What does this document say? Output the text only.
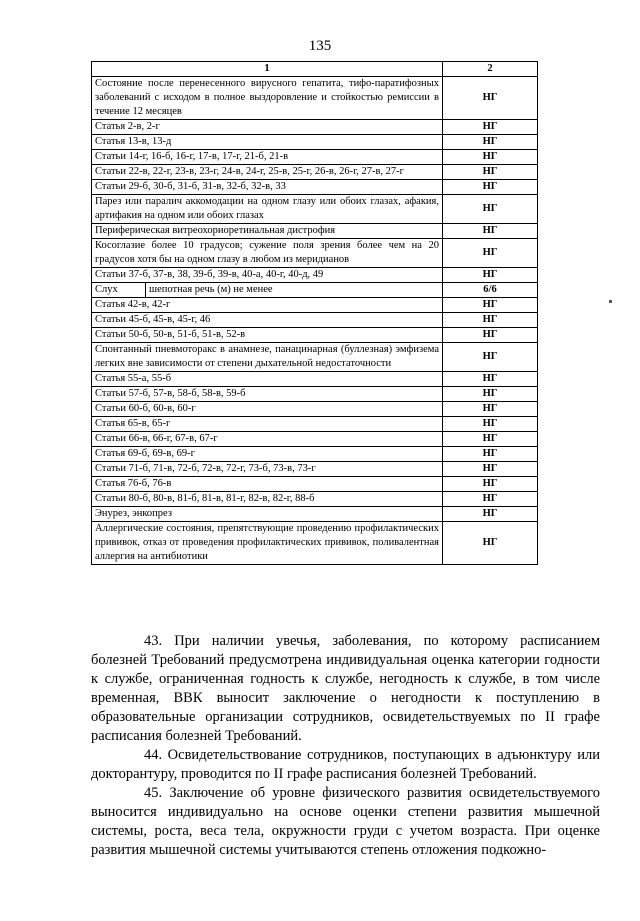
135
1	2
Состояние после перенесенного вирусного гепатита, тифо-паратифозных заболеваний с исходом в полное выздоровление и стойкостью ремиссии в течение 12 месяцев	НГ
Статья 2-в, 2-г	НГ
Статья 13-в, 13-д	НГ
Статьи 14-г, 16-б, 16-г, 17-в, 17-г, 21-б, 21-в	НГ
Статьи 22-в, 22-г, 23-в, 23-г, 24-в, 24-г, 25-в, 25-г, 26-в, 26-г, 27-в, 27-г	НГ
Статьи 29-б, 30-б, 31-б, 31-в, 32-б, 32-в, 33	НГ
Парез или паралич аккомодации на одном глазу или обоих глазах, афакия, артифакия на одном или обоих глазах	НГ
Периферическая витреохориоретинальная дистрофия	НГ
Косоглазие более 10 градусов; сужение поля зрения более чем на 20 градусов хотя бы на одном глазу в любом из меридианов	НГ
Статьи 37-б, 37-в, 38, 39-б, 39-в, 40-а, 40-г, 40-д, 49	НГ

Слух шепотная речь (м) не менее	6/6
Статья 42-в, 42-г	НГ
Статьи 45-б, 45-в, 45-г, 46	НГ
Статьи 50-б, 50-в, 51-б, 51-в, 52-в	НГ
Спонтанный пневмоторакс в анамнезе, панацинарная (буллезная) эмфизема легких вне зависимости от степени дыхательной недостаточности	НГ
Статья 55-а, 55-б	НГ
Статьи 57-б, 57-в, 58-б, 58-в, 59-б	НГ
Статьи 60-б, 60-в, 60-г	НГ
Статья 65-в, 65-г	НГ
Статьи 66-в, 66-г, 67-в, 67-г	НГ
Статья 69-б, 69-в, 69-г	НГ
Статьи 71-б, 71-в, 72-б, 72-в, 72-г, 73-б, 73-в, 73-г	НГ
Статья 76-б, 76-в	НГ
Статьи 80-б, 80-в, 81-б, 81-в, 81-г, 82-в, 82-г, 88-б	НГ
Энурез, энкопрез	НГ
Аллергические состояния, препятствующие проведению профилактических прививок, отказ от проведения профилактических прививок, поливалентная аллергия на антибиотики	НГ

43. При наличии увечья, заболевания, по которому расписанием болезней Требований предусмотрена индивидуальная оценка категории годности к службе, ограниченная годность к службе, негодность к службе, в том числе временная, ВВК выносит заключение о негодности к поступлению в образовательные организации сотрудников, освидетельствуемых по II графе расписания болезней Требований.

44. Освидетельствование сотрудников, поступающих в адъюнктуру или докторантуру, проводится по II графе расписания болезней Требований.

45. Заключение об уровне физического развития освидетельствуемого выносится индивидуально на основе оценки степени развития мышечной системы, роста, веса тела, окружности груди с учетом возраста. При оценке развития мышечной системы учитываются степень отложения подкожно-
